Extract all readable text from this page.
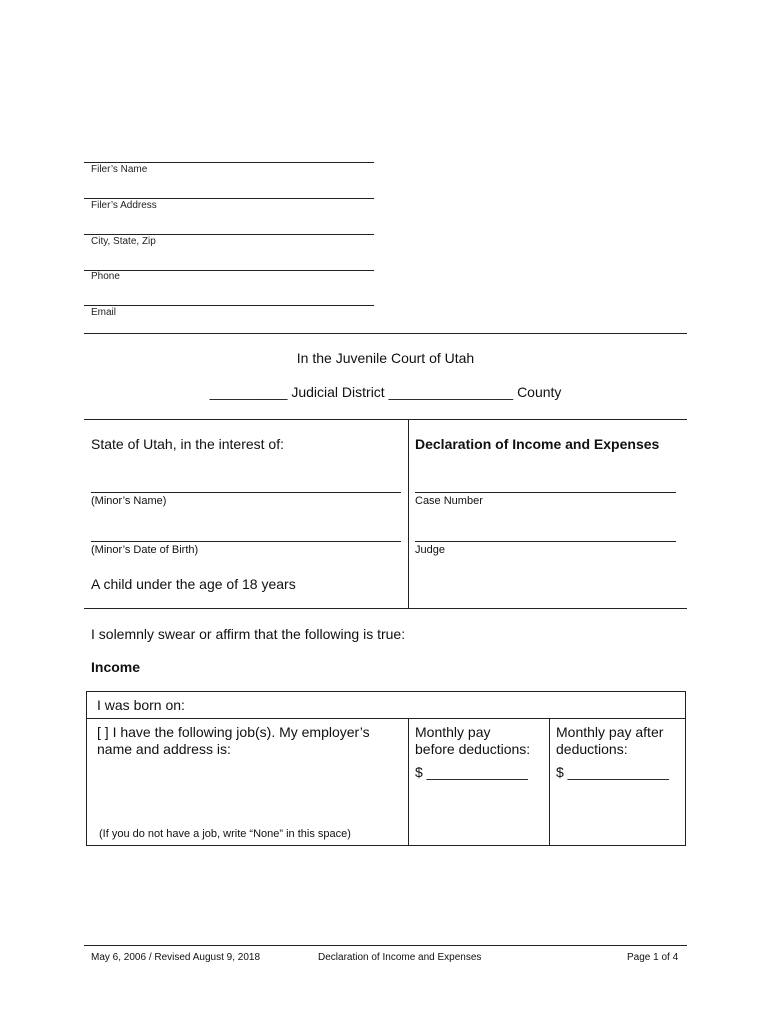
Filer’s Name
Filer’s Address
City, State, Zip
Phone
Email
In the Juvenile Court of Utah
__________ Judicial District ________________ County
State of Utah, in the interest of:
(Minor’s Name)
(Minor’s Date of Birth)
A child under the age of 18 years
Declaration of Income and Expenses
Case Number
Judge
I solemnly swear or affirm that the following is true:
Income
I was born on:
[ ] I have the following job(s). My employer’s
name and address is:
(If you do not have a job, write “None” in this space)
Monthly pay
before deductions:
$ _____________
Monthly pay after
deductions:
$ _____________
May 6, 2006 / Revised August 9, 2018	Declaration of Income and Expenses	Page 1 of 4
